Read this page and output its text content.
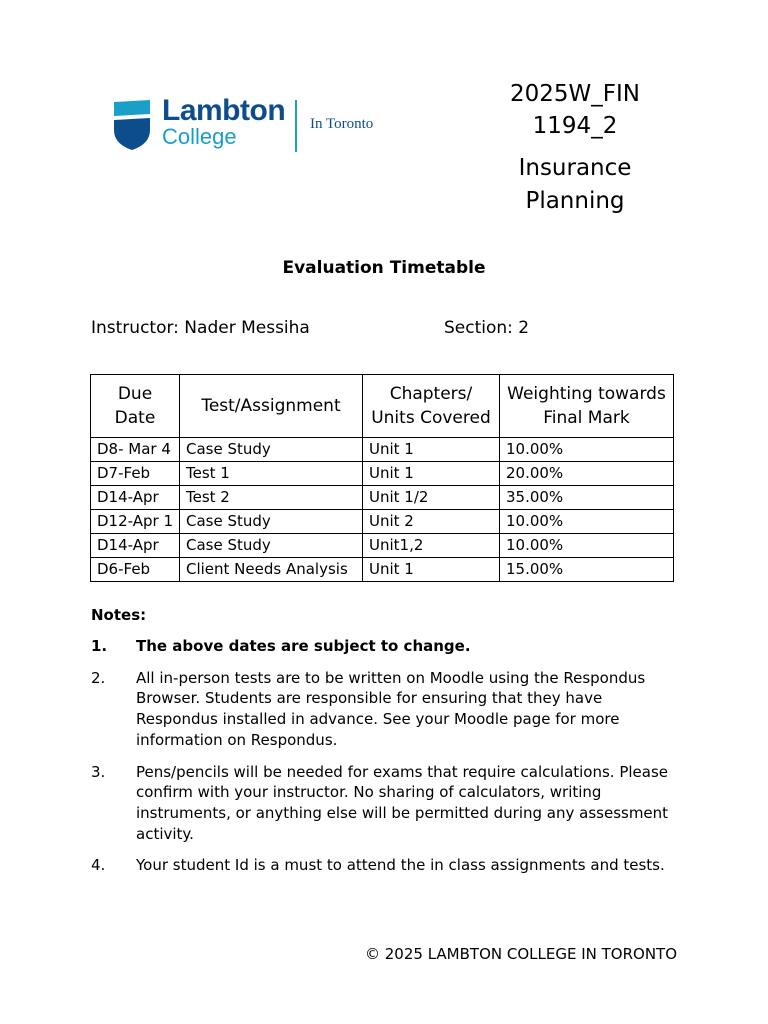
Lambton
College	In Toronto
2025W_FIN 1194_2
Insurance Planning
Evaluation Timetable
Instructor: Nader Messiha	Section: 2
Due Date	Test/Assignment	Chapters/ Units Covered	Weighting towards Final Mark
D8- Mar 4	Case Study	Unit 1	10.00%
D7-Feb	Test 1	Unit 1	20.00%
D14-Apr	Test 2	Unit 1/2	35.00%
D12-Apr 1	Case Study	Unit 2	10.00%
D14-Apr	Case Study	Unit1,2	10.00%
D6-Feb	Client Needs Analysis	Unit 1	15.00%
Notes:
1. The above dates are subject to change.
2. All in-person tests are to be written on Moodle using the Respondus Browser. Students are responsible for ensuring that they have Respondus installed in advance. See your Moodle page for more information on Respondus.
3. Pens/pencils will be needed for exams that require calculations. Please confirm with your instructor. No sharing of calculators, writing instruments, or anything else will be permitted during any assessment activity.
4. Your student Id is a must to attend the in class assignments and tests.
© 2025 LAMBTON COLLEGE IN TORONTO
